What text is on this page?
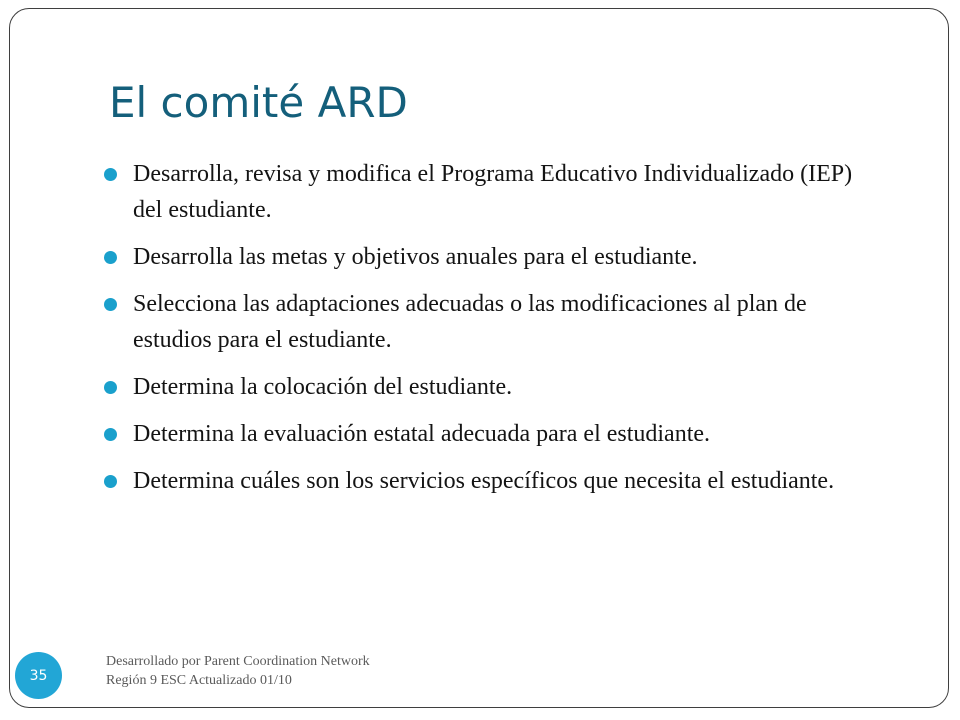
El comité ARD
Desarrolla, revisa y modifica el Programa Educativo Individualizado (IEP) del estudiante.
Desarrolla las metas y objetivos anuales para el estudiante.
Selecciona las adaptaciones adecuadas o las modificaciones al plan de estudios para el estudiante.
Determina la colocación del estudiante.
Determina la evaluación estatal adecuada para el estudiante.
Determina cuáles son los servicios específicos que necesita el estudiante.
35
Desarrollado por Parent Coordination Network
Región 9 ESC Actualizado 01/10
